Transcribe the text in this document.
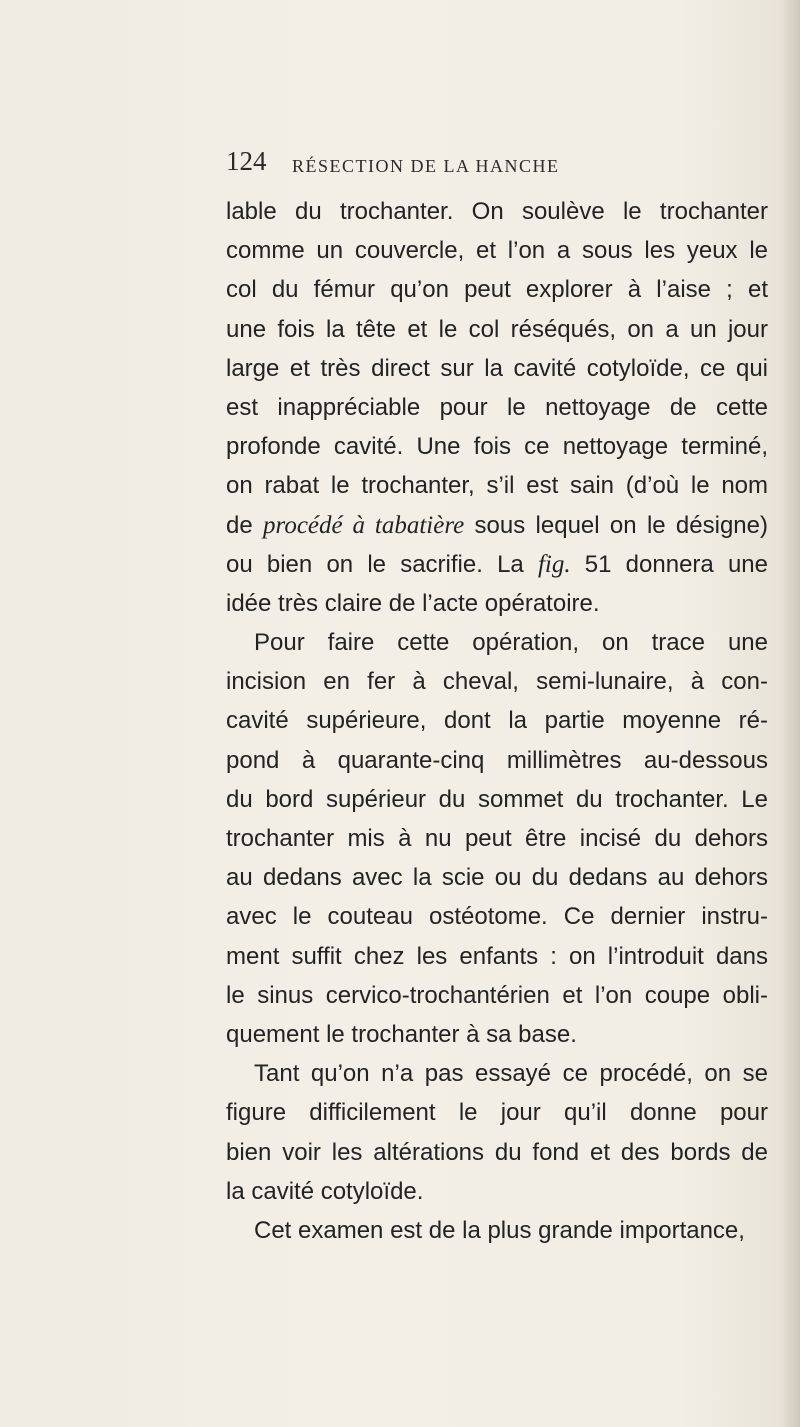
124 RÉSECTION DE LA HANCHE
lable du trochanter. On soulève le trochanter
comme un couvercle, et l’on a sous les yeux le
col du fémur qu’on peut explorer à l’aise ; et
une fois la tête et le col réséqués, on a un jour
large et très direct sur la cavité cotyloïde, ce qui
est inappréciable pour le nettoyage de cette
profonde cavité. Une fois ce nettoyage terminé,
on rabat le trochanter, s’il est sain (d’où le nom
de procédé à tabatière sous lequel on le désigne)
ou bien on le sacrifie. La fig. 51 donnera une
idée très claire de l’acte opératoire.
Pour faire cette opération, on trace une
incision en fer à cheval, semi-lunaire, à con-
cavité supérieure, dont la partie moyenne ré-
pond à quarante-cinq millimètres au-dessous
du bord supérieur du sommet du trochanter. Le
trochanter mis à nu peut être incisé du dehors
au dedans avec la scie ou du dedans au dehors
avec le couteau ostéotome. Ce dernier instru-
ment suffit chez les enfants : on l’introduit dans
le sinus cervico-trochantérien et l’on coupe obli-
quement le trochanter à sa base.
Tant qu’on n’a pas essayé ce procédé, on se
figure difficilement le jour qu’il donne pour
bien voir les altérations du fond et des bords de
la cavité cotyloïde.
Cet examen est de la plus grande importance,
